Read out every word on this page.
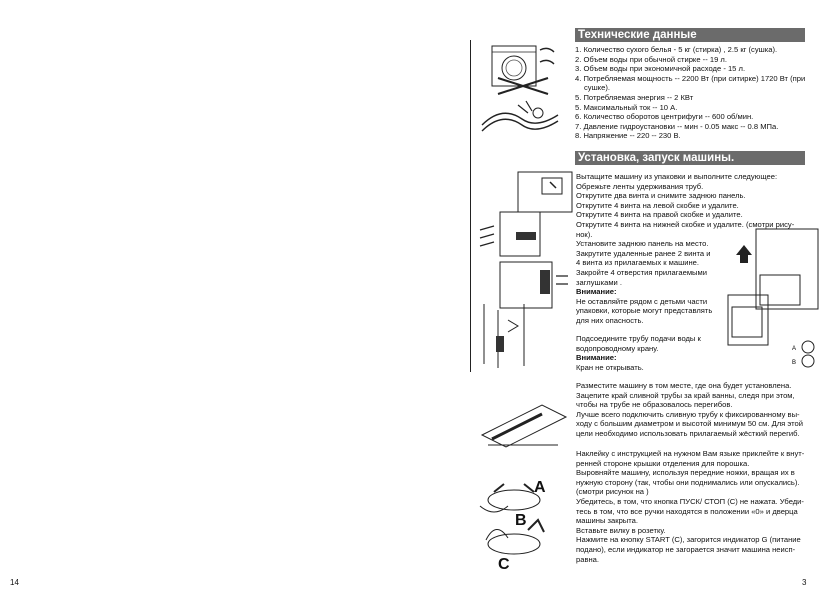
A
B
A
B
C
Технические данные
1. Количество сухого белья - 5 кг (стирка) , 2.5 кг (сушка).
2. Объем воды при обычной стирке -- 19 л.
3. Объем воды при экономичной расходе - 15 л.
4. Потребляемая мощность -- 2200 Вт (при ситирке) 1720 Вт (при
сушке).
5. Потребляемая энергия -- 2 КВт
5. Максимальный ток -- 10 А.
6. Количество оборотов центрифуги -- 600 об/мин.
7. Давление гидроустановки -- мин - 0.05 макс -- 0.8 МПа.
8. Напряжение -- 220 -- 230 В.
Установка, запуск машины.
Вытащите машину из упаковки и выполните следующее:
Обрежьте ленты удерживания труб.
Открутите два винта и снимите заднюю панель.
Открутите 4 винта на левой скобке и удалите.
Открутите 4 винта на правой скобке и удалите.
Открутите 4 винта на нижней скобке и удалите. (смотри рису-
нок).
Установите заднюю панель на место.
Закрутите удаленные ранее 2 винта и
4 винта из прилагаемых к машине.
Закройте 4 отверстия прилагаемыми
заглушками .
Внимание:
Не оставляйте рядом с детьми части
упаковки, которые могут представлять
для них опасность.
Подсоедините трубу подачи воды к
водопроводному крану.
Внимание:
Кран не открывать.
Разместите машину в том месте, где она будет установлена.
Зацепите край сливной трубы за край ванны, следя при этом,
чтобы на трубе не образовалось перегибов.
Лучше всего подключить сливную трубу к фиксированному вы-
ходу с большим диаметром и высотой минимум 50 см. Для этой
цели необходимо использовать прилагаемый жёсткий перегиб.
Наклейку с инструкцией на нужном Вам языке приклейте к внут-
ренней стороне крышки отделения для порошка.
Выровняйте машину, используя передние ножки, вращая их в
нужную сторону (так, чтобы они поднимались или опускались).
(смотри рисунок на )
Убедитесь, в том, что кнопка ПУСК/ СТОП (С) не нажата. Убеди-
тесь в том, что все ручки находятся в положении «0» и дверца
машины закрыта.
Вставьте вилку в розетку.
Нажмите на кнопку START (C), загорится индикатор G (питание
подано), если индикатор не загорается значит машина неисп-
равна.
14	3
